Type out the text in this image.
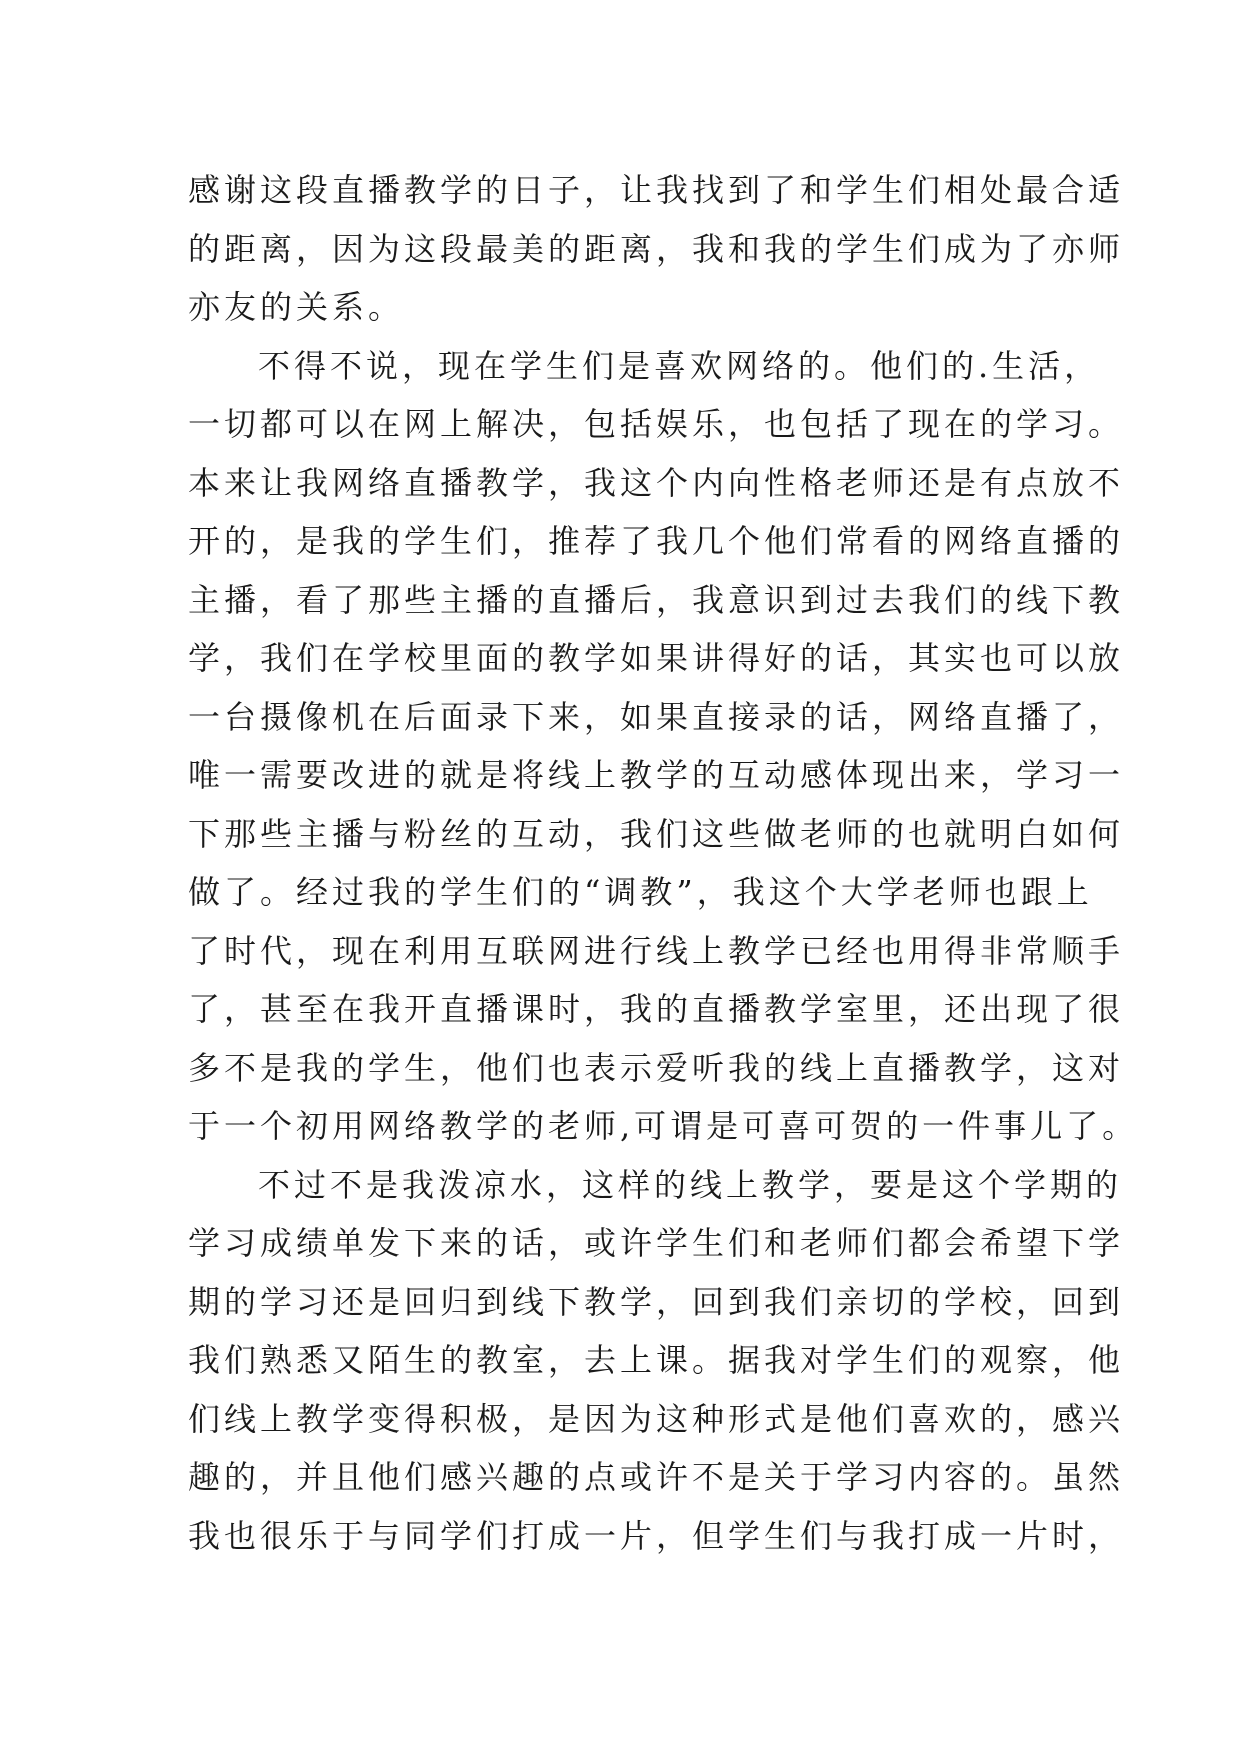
感谢这段直播教学的日子，让我找到了和学生们相处最合适
的距离，因为这段最美的距离，我和我的学生们成为了亦师
亦友的关系。
不得不说，现在学生们是喜欢网络的。他们的.生活，
一切都可以在网上解决，包括娱乐，也包括了现在的学习。
本来让我网络直播教学，我这个内向性格老师还是有点放不
开的，是我的学生们，推荐了我几个他们常看的网络直播的
主播，看了那些主播的直播后，我意识到过去我们的线下教
学，我们在学校里面的教学如果讲得好的话，其实也可以放
一台摄像机在后面录下来，如果直接录的话，网络直播了，
唯一需要改进的就是将线上教学的互动感体现出来，学习一
下那些主播与粉丝的互动，我们这些做老师的也就明白如何
做了。经过我的学生们的“调教”，我这个大学老师也跟上
了时代，现在利用互联网进行线上教学已经也用得非常顺手
了，甚至在我开直播课时，我的直播教学室里，还出现了很
多不是我的学生，他们也表示爱听我的线上直播教学，这对
于一个初用网络教学的老师,可谓是可喜可贺的一件事儿了。
不过不是我泼凉水，这样的线上教学，要是这个学期的
学习成绩单发下来的话，或许学生们和老师们都会希望下学
期的学习还是回归到线下教学，回到我们亲切的学校，回到
我们熟悉又陌生的教室，去上课。据我对学生们的观察，他
们线上教学变得积极，是因为这种形式是他们喜欢的，感兴
趣的，并且他们感兴趣的点或许不是关于学习内容的。虽然
我也很乐于与同学们打成一片，但学生们与我打成一片时，
